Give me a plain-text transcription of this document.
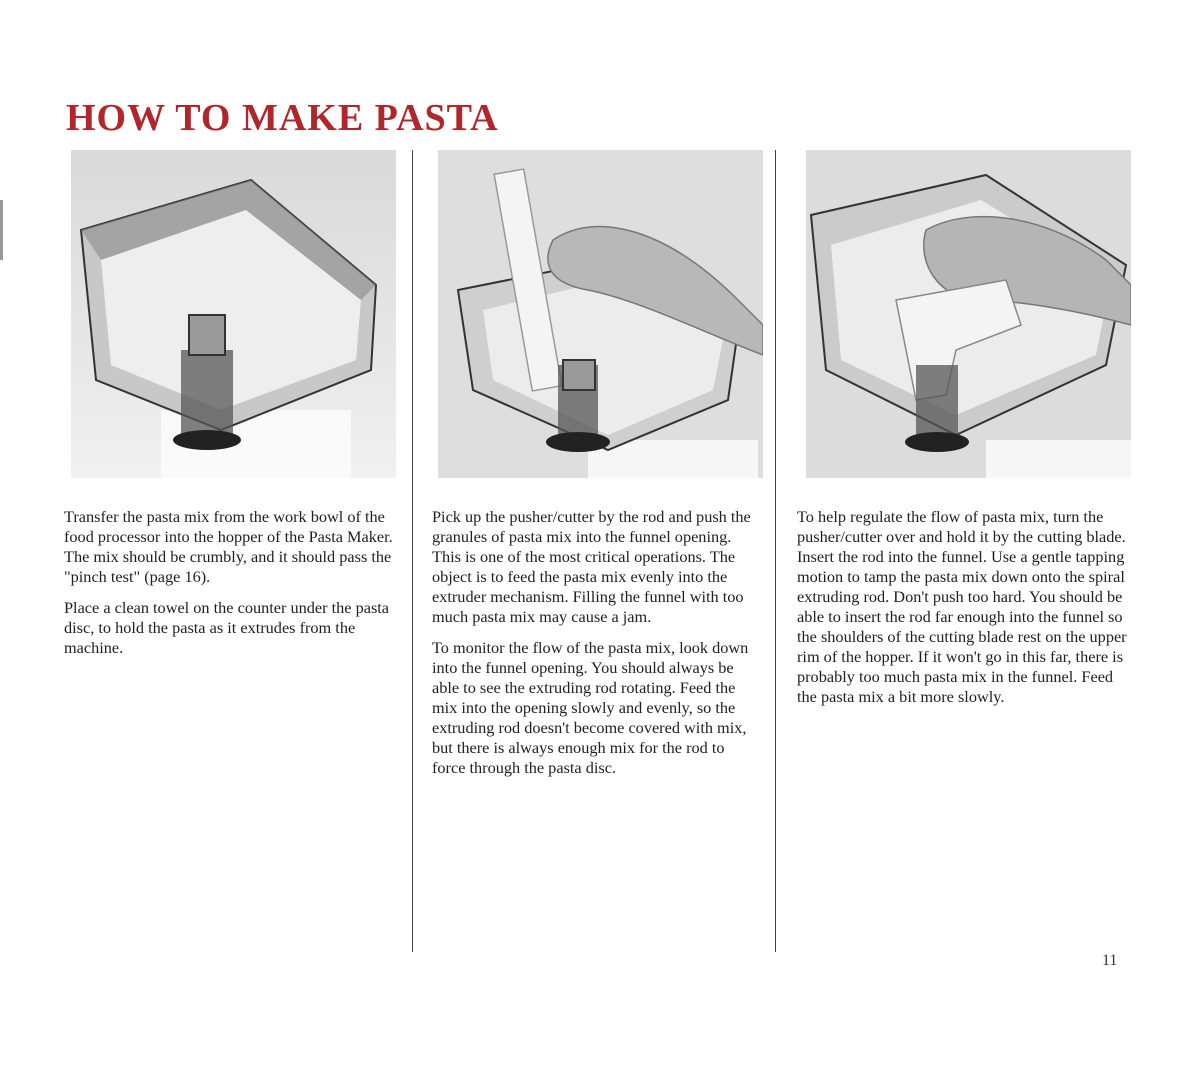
HOW TO MAKE PASTA

Transfer the pasta mix from the work bowl of the food processor into the hopper of the Pasta Maker. The mix should be crumbly, and it should pass the "pinch test" (page 16).

Place a clean towel on the counter under the pasta disc, to hold the pasta as it extrudes from the machine.

Pick up the pusher/cutter by the rod and push the granules of pasta mix into the funnel opening. This is one of the most critical operations. The object is to feed the pasta mix evenly into the extruder mechanism. Filling the funnel with too much pasta mix may cause a jam.

To monitor the flow of the pasta mix, look down into the funnel opening. You should always be able to see the extruding rod rotating. Feed the mix into the opening slowly and evenly, so the extruding rod doesn't become covered with mix, but there is always enough mix for the rod to force through the pasta disc.

To help regulate the flow of pasta mix, turn the pusher/cutter over and hold it by the cutting blade. Insert the rod into the funnel. Use a gentle tapping motion to tamp the pasta mix down onto the spiral extruding rod. Don't push too hard. You should be able to insert the rod far enough into the funnel so the shoulders of the cutting blade rest on the upper rim of the hopper. If it won't go in this far, there is probably too much pasta mix in the funnel. Feed the pasta mix a bit more slowly.

11
